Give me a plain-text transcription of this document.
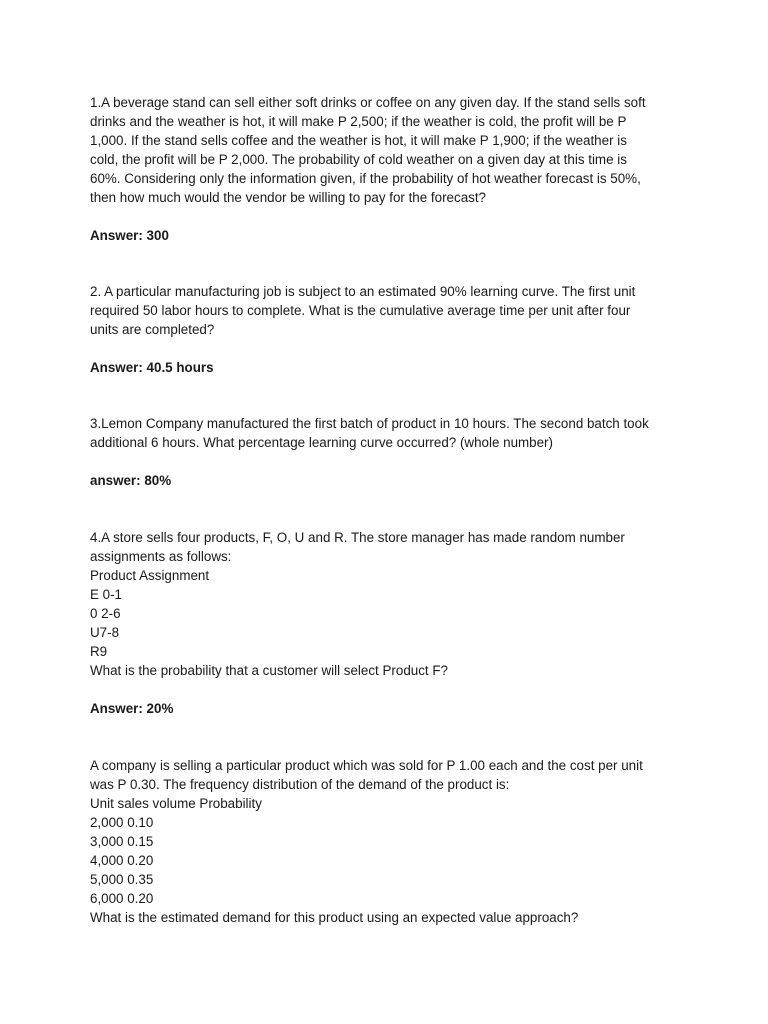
1.A beverage stand can sell either soft drinks or coffee on any given day. If the stand sells soft
drinks and the weather is hot, it will make P 2,500; if the weather is cold, the profit will be P
1,000. If the stand sells coffee and the weather is hot, it will make P 1,900; if the weather is
cold, the profit will be P 2,000. The probability of cold weather on a given day at this time is
60%. Considering only the information given, if the probability of hot weather forecast is 50%,
then how much would the vendor be willing to pay for the forecast?
Answer: 300
2. A particular manufacturing job is subject to an estimated 90% learning curve. The first unit
required 50 labor hours to complete. What is the cumulative average time per unit after four
units are completed?
Answer: 40.5 hours
3.Lemon Company manufactured the first batch of product in 10 hours. The second batch took
additional 6 hours. What percentage learning curve occurred? (whole number)
answer: 80%
4.A store sells four products, F, O, U and R. The store manager has made random number
assignments as follows:
Product Assignment
E 0-1
0 2-6
U7-8
R9
What is the probability that a customer will select Product F?
Answer: 20%
A company is selling a particular product which was sold for P 1.00 each and the cost per unit
was P 0.30. The frequency distribution of the demand of the product is:
Unit sales volume Probability
2,000 0.10
3,000 0.15
4,000 0.20
5,000 0.35
6,000 0.20
What is the estimated demand for this product using an expected value approach?
